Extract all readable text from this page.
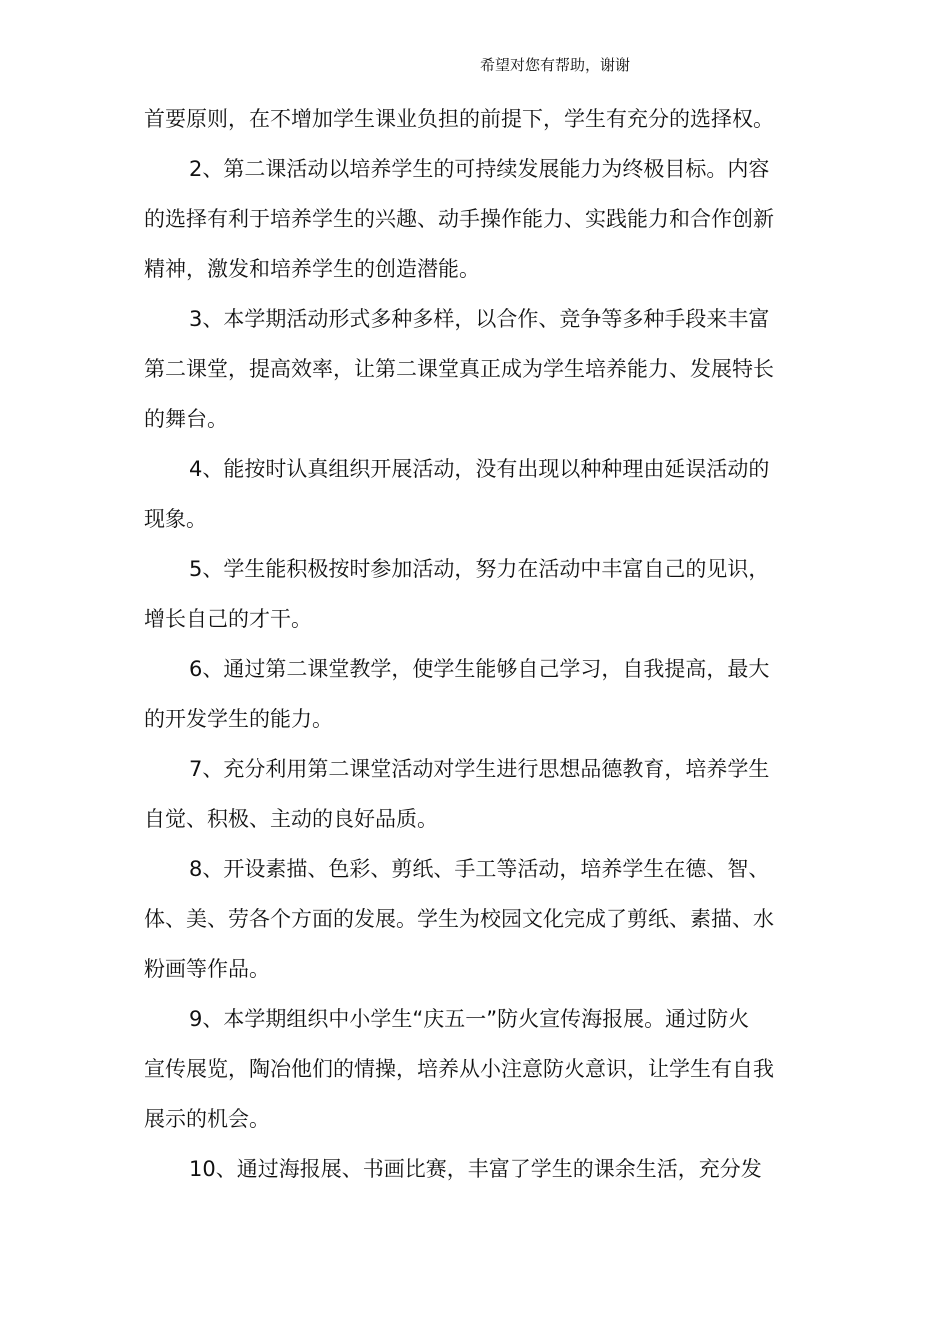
希望对您有帮助，谢谢
首要原则，在不增加学生课业负担的前提下，学生有充分的选择权。
2、第二课活动以培养学生的可持续发展能力为终极目标。内容
的选择有利于培养学生的兴趣、动手操作能力、实践能力和合作创新
精神，激发和培养学生的创造潜能。
3、本学期活动形式多种多样，以合作、竞争等多种手段来丰富
第二课堂，提高效率，让第二课堂真正成为学生培养能力、发展特长
的舞台。
4、能按时认真组织开展活动，没有出现以种种理由延误活动的
现象。
5、学生能积极按时参加活动，努力在活动中丰富自己的见识，
增长自己的才干。
6、通过第二课堂教学，使学生能够自己学习，自我提高，最大
的开发学生的能力。
7、充分利用第二课堂活动对学生进行思想品德教育，培养学生
自觉、积极、主动的良好品质。
8、开设素描、色彩、剪纸、手工等活动，培养学生在德、智、
体、美、劳各个方面的发展。学生为校园文化完成了剪纸、素描、水
粉画等作品。
9、本学期组织中小学生“庆五一”防火宣传海报展。通过防火
宣传展览，陶冶他们的情操，培养从小注意防火意识，让学生有自我
展示的机会。
10、通过海报展、书画比赛，丰富了学生的课余生活，充分发
